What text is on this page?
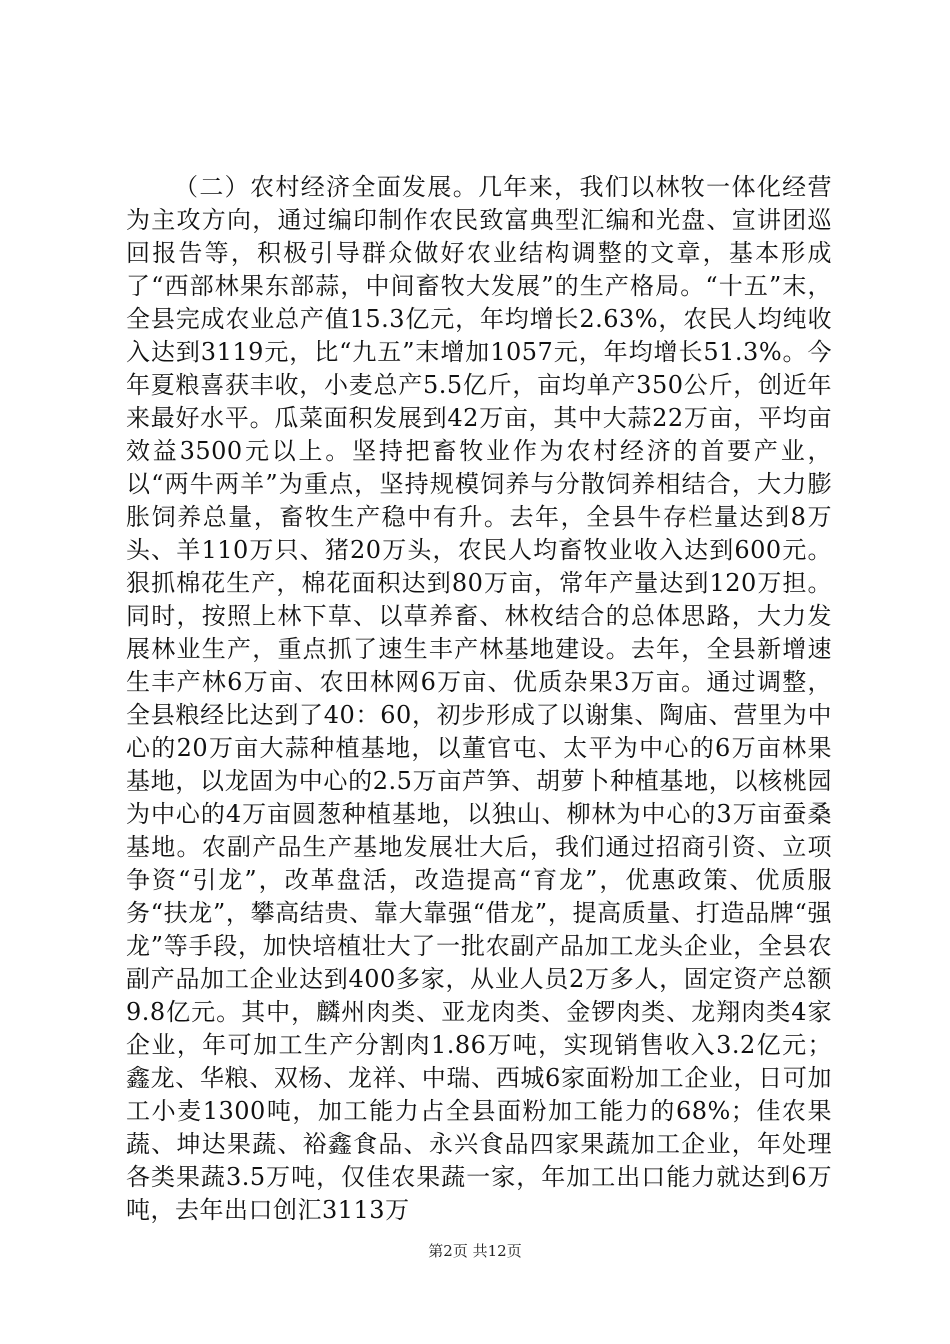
（二）农村经济全面发展。几年来，我们以林牧一体化经营为主攻方向，通过编印制作农民致富典型汇编和光盘、宣讲团巡回报告等，积极引导群众做好农业结构调整的文章，基本形成了“西部林果东部蒜，中间畜牧大发展”的生产格局。“十五”末，全县完成农业总产值15.3亿元，年均增长2.63%，农民人均纯收入达到3119元，比“九五”末增加1057元，年均增长51.3%。今年夏粮喜获丰收，小麦总产5.5亿斤，亩均单产350公斤，创近年来最好水平。瓜菜面积发展到42万亩，其中大蒜22万亩，平均亩效益3500元以上。坚持把畜牧业作为农村经济的首要产业，以“两牛两羊”为重点，坚持规模饲养与分散饲养相结合，大力膨胀饲养总量，畜牧生产稳中有升。去年，全县牛存栏量达到8万头、羊110万只、猪20万头，农民人均畜牧业收入达到600元。狠抓棉花生产，棉花面积达到80万亩，常年产量达到120万担。同时，按照上林下草、以草养畜、林枚结合的总体思路，大力发展林业生产，重点抓了速生丰产林基地建设。去年，全县新增速生丰产林6万亩、农田林网6万亩、优质杂果3万亩。通过调整，全县粮经比达到了40：60，初步形成了以谢集、陶庙、营里为中心的20万亩大蒜种植基地，以董官屯、太平为中心的6万亩林果基地，以龙固为中心的2.5万亩芦笋、胡萝卜种植基地，以核桃园为中心的4万亩圆葱种植基地，以独山、柳林为中心的3万亩蚕桑基地。农副产品生产基地发展壮大后，我们通过招商引资、立项争资“引龙”，改革盘活，改造提高“育龙”，优惠政策、优质服务“扶龙”，攀高结贵、靠大靠强“借龙”，提高质量、打造品牌“强龙”等手段，加快培植壮大了一批农副产品加工龙头企业，全县农副产品加工企业达到400多家，从业人员2万多人，固定资产总额9.8亿元。其中，麟州肉类、亚龙肉类、金锣肉类、龙翔肉类4家企业，年可加工生产分割肉1.86万吨，实现销售收入3.2亿元；鑫龙、华粮、双杨、龙祥、中瑞、西城6家面粉加工企业，日可加工小麦1300吨，加工能力占全县面粉加工能力的68%；佳农果蔬、坤达果蔬、裕鑫食品、永兴食品四家果蔬加工企业，年处理各类果蔬3.5万吨，仅佳农果蔬一家，年加工出口能力就达到6万吨，去年出口创汇3113万

第2页 共12页
